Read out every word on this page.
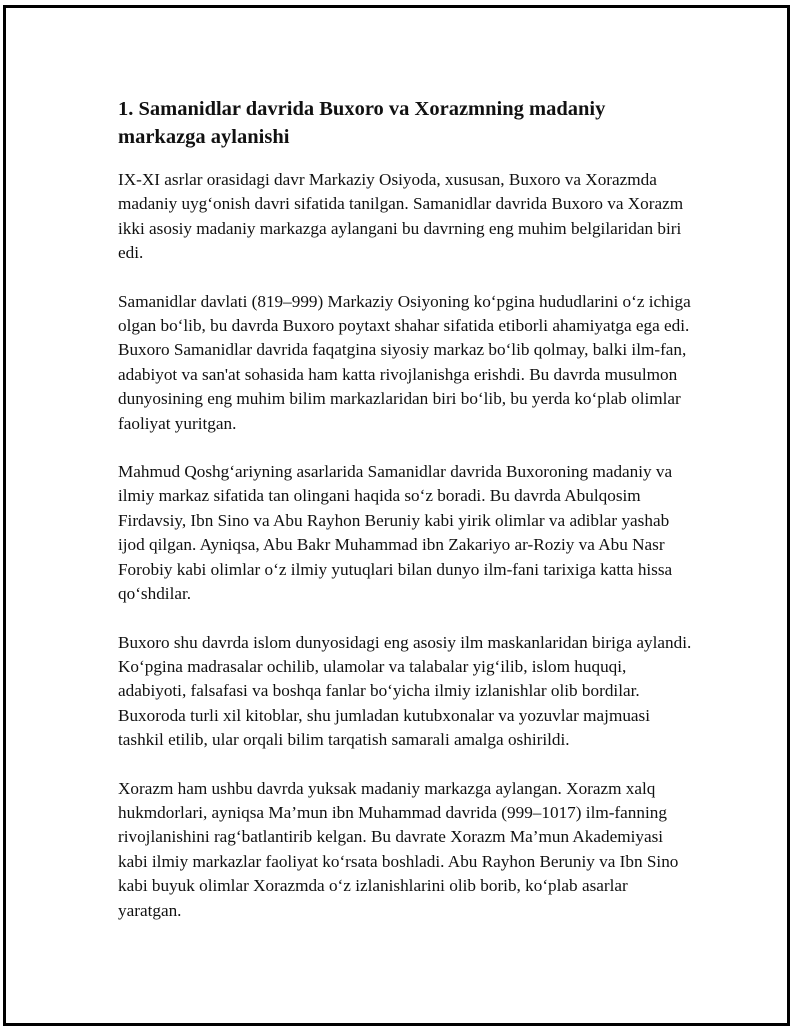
1. Samanidlar davrida Buxoro va Xorazmning madaniy markazga aylanishi

IX-XI asrlar orasidagi davr Markaziy Osiyoda, xususan, Buxoro va Xorazmda madaniy uyg‘onish davri sifatida tanilgan. Samanidlar davrida Buxoro va Xorazm ikki asosiy madaniy markazga aylangani bu davrning eng muhim belgilaridan biri edi.

Samanidlar davlati (819–999) Markaziy Osiyoning ko‘pgina hududlarini o‘z ichiga olgan bo‘lib, bu davrda Buxoro poytaxt shahar sifatida etiborli ahamiyatga ega edi. Buxoro Samanidlar davrida faqatgina siyosiy markaz bo‘lib qolmay, balki ilm-fan, adabiyot va san'at sohasida ham katta rivojlanishga erishdi. Bu davrda musulmon dunyosining eng muhim bilim markazlaridan biri bo‘lib, bu yerda ko‘plab olimlar faoliyat yuritgan.

Mahmud Qoshg‘ariyning asarlarida Samanidlar davrida Buxoroning madaniy va ilmiy markaz sifatida tan olingani haqida so‘z boradi. Bu davrda Abulqosim Firdavsiy, Ibn Sino va Abu Rayhon Beruniy kabi yirik olimlar va adiblar yashab ijod qilgan. Ayniqsa, Abu Bakr Muhammad ibn Zakariyo ar-Roziy va Abu Nasr Forobiy kabi olimlar o‘z ilmiy yutuqlari bilan dunyo ilm-fani tarixiga katta hissa qo‘shdilar.

Buxoro shu davrda islom dunyosidagi eng asosiy ilm maskanlaridan biriga aylandi. Ko‘pgina madrasalar ochilib, ulamolar va talabalar yig‘ilib, islom huquqi, adabiyoti, falsafasi va boshqa fanlar bo‘yicha ilmiy izlanishlar olib bordilar. Buxoroda turli xil kitoblar, shu jumladan kutubxonalar va yozuvlar majmuasi tashkil etilib, ular orqali bilim tarqatish samarali amalga oshirildi.

Xorazm ham ushbu davrda yuksak madaniy markazga aylangan. Xorazm xalq hukmdorlari, ayniqsa Ma’mun ibn Muhammad davrida (999–1017) ilm-fanning rivojlanishini rag‘batlantirib kelgan. Bu davrate Xorazm Ma’mun Akademiyasi kabi ilmiy markazlar faoliyat ko‘rsata boshladi. Abu Rayhon Beruniy va Ibn Sino kabi buyuk olimlar Xorazmda o‘z izlanishlarini olib borib, ko‘plab asarlar yaratgan.
